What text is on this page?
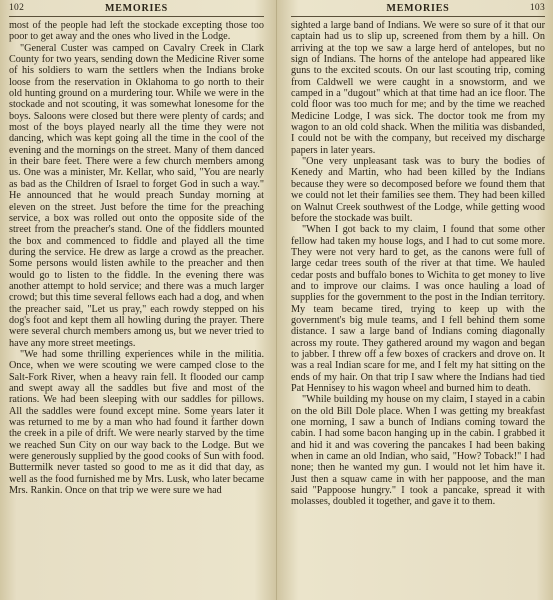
102	MEMORIES

most of the people had left the stockade excepting those too poor to get away and the ones who lived in the Lodge.

"General Custer was camped on Cavalry Creek in Clark County for two years, sending down the Medicine River some of his soldiers to warn the settlers when the Indians broke loose from the reservation in Oklahoma to go north to their old hunting ground on a murdering tour. While we were in the stockade and not scouting, it was somewhat lonesome for the boys. Saloons were closed but there were plenty of cards; and most of the boys played nearly all the time they were not dancing, which was kept going all the time in the cool of the evening and the mornings on the street. Many of them danced in their bare feet. There were a few church members among us. One was a minister, Mr. Kellar, who said, "You are nearly as bad as the Children of Israel to forget God in such a way." He announced that he would preach Sunday morning at eleven on the street. Just before the time for the preaching service, a box was rolled out onto the opposite side of the street from the preacher's stand. One of the fiddlers mounted the box and commenced to fiddle and played all the time during the service. He drew as large a crowd as the preacher. Some persons would listen awhile to the preacher and then would go to listen to the fiddle. In the evening there was another attempt to hold service; and there was a much larger crowd; but this time several fellows each had a dog, and when the preacher said, "Let us pray," each rowdy stepped on his dog's foot and kept them all howling during the prayer. There were several church members among us, but we never tried to have any more street meetings.

"We had some thrilling experiences while in the militia. Once, when we were scouting we were camped close to the Salt-Fork River, when a heavy rain fell. It flooded our camp and swept away all the saddles but five and most of the rations. We had been sleeping with our saddles for pillows. All the saddles were found except mine. Some years later it was returned to me by a man who had found it farther down the creek in a pile of drift. We were nearly starved by the time we reached Sun City on our way back to the Lodge. But we were generously supplied by the good cooks of Sun with food. Buttermilk never tasted so good to me as it did that day, as well as the food furnished me by Mrs. Lusk, who later became Mrs. Rankin. Once on that trip we were sure we had

MEMORIES	103

sighted a large band of Indians. We were so sure of it that our captain had us to slip up, screened from them by a hill. On arriving at the top we saw a large herd of antelopes, but no sign of Indians. The horns of the antelope had appeared like guns to the excited scouts. On our last scouting trip, coming from Caldwell we were caught in a snowstorm, and we camped in a "dugout" which at that time had an ice floor. The cold floor was too much for me; and by the time we reached Medicine Lodge, I was sick. The doctor took me from my wagon to an old cold shack. When the militia was disbanded, I could not be with the company, but received my discharge papers in later years.

"One very unpleasant task was to bury the bodies of Kenedy and Martin, who had been killed by the Indians because they were so decomposed before we found them that we could not let their families see them. They had been killed on Walnut Creek southwest of the Lodge, while getting wood before the stockade was built.

"When I got back to my claim, I found that some other fellow had taken my house logs, and I had to cut some more. They were not very hard to get, as the canons were full of large cedar trees south of the river at that time. We hauled cedar posts and buffalo bones to Wichita to get money to live and to improve our claims. I was once hauling a load of supplies for the government to the post in the Indian territory. My team became tired, trying to keep up with the government's big mule teams, and I fell behind them some distance. I saw a large band of Indians coming diagonally across my route. They gathered around my wagon and began to jabber. I threw off a few boxes of crackers and drove on. It was a real Indian scare for me, and I felt my hat sitting on the ends of my hair. On that trip I saw where the Indians had tied Pat Hennisey to his wagon wheel and burned him to death.

"While building my house on my claim, I stayed in a cabin on the old Bill Dole place. When I was getting my breakfast one morning, I saw a bunch of Indians coming toward the cabin. I had some bacon hanging up in the cabin. I grabbed it and hid it and was covering the pancakes I had been baking when in came an old Indian, who said, "How? Toback!" I had none; then he wanted my gun. I would not let him have it. Just then a squaw came in with her pappoose, and the man said "Pappoose hungry." I took a pancake, spread it with molasses, doubled it together, and gave it to them.
